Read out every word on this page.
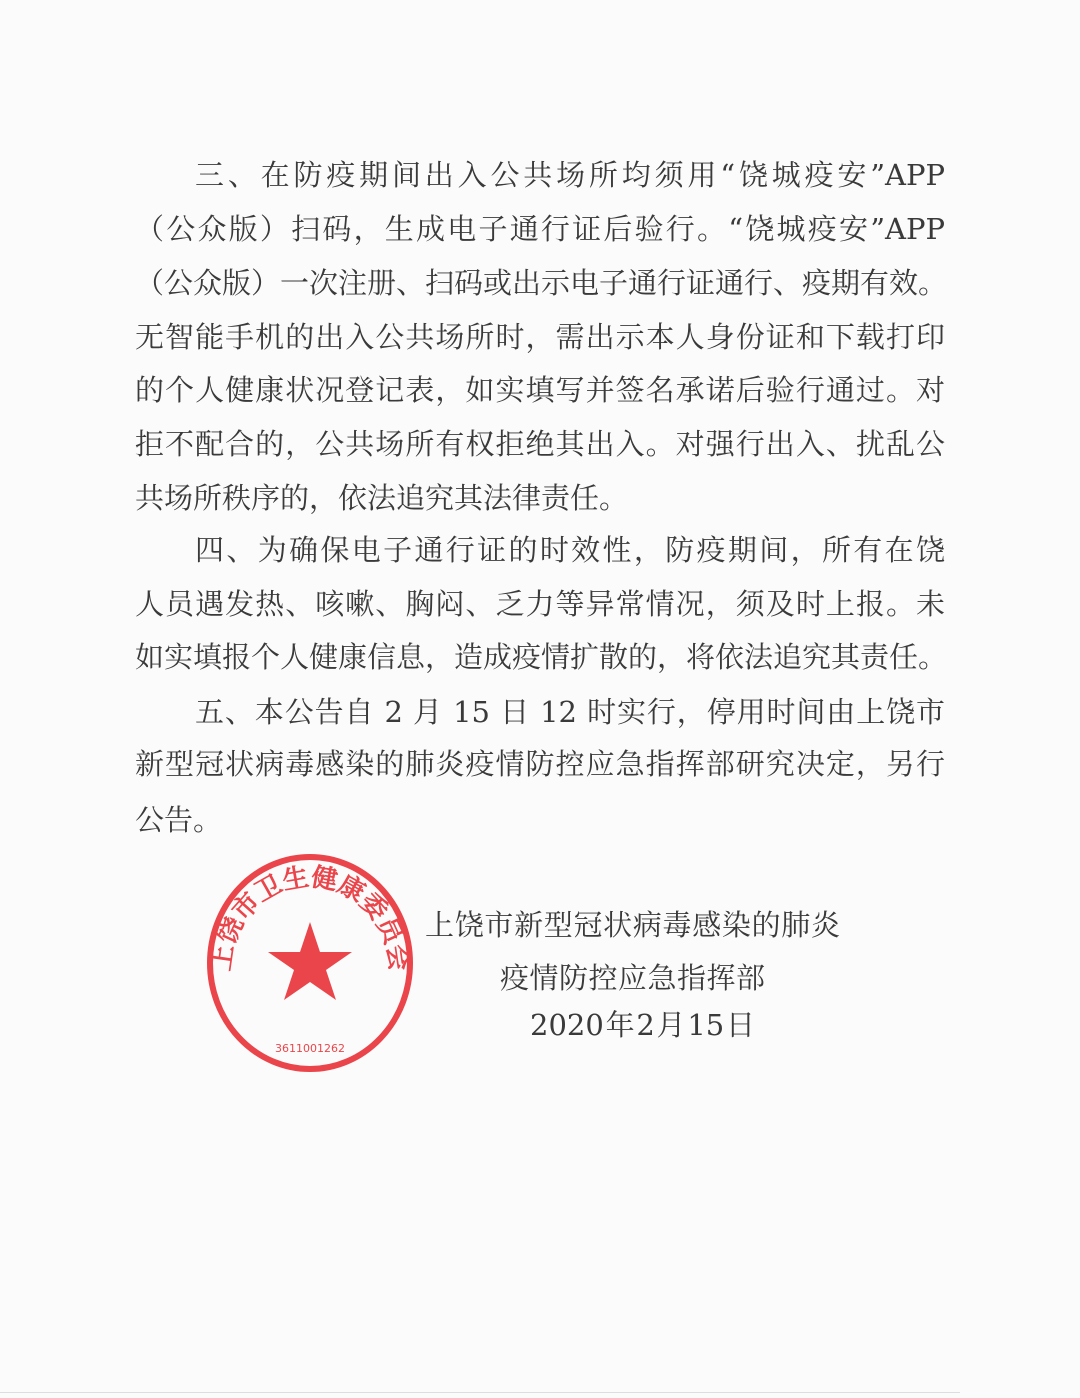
三、在防疫期间出入公共场所均须用“饶城疫安”APP
（公众版）扫码，生成电子通行证后验行。“饶城疫安”APP
（公众版）一次注册、扫码或出示电子通行证通行、疫期有效。
无智能手机的出入公共场所时，需出示本人身份证和下载打印
的个人健康状况登记表，如实填写并签名承诺后验行通过。对
拒不配合的，公共场所有权拒绝其出入。对强行出入、扰乱公
共场所秩序的，依法追究其法律责任。
四、为确保电子通行证的时效性，防疫期间，所有在饶
人员遇发热、咳嗽、胸闷、乏力等异常情况，须及时上报。未
如实填报个人健康信息，造成疫情扩散的，将依法追究其责任。
五、本公告自 2 月 15 日 12 时实行，停用时间由上饶市
新型冠状病毒感染的肺炎疫情防控应急指挥部研究决定，另行
公告。
上饶市卫生健康委员会
3611001262
上饶市新型冠状病毒感染的肺炎
疫情防控应急指挥部
2020年2月15日
